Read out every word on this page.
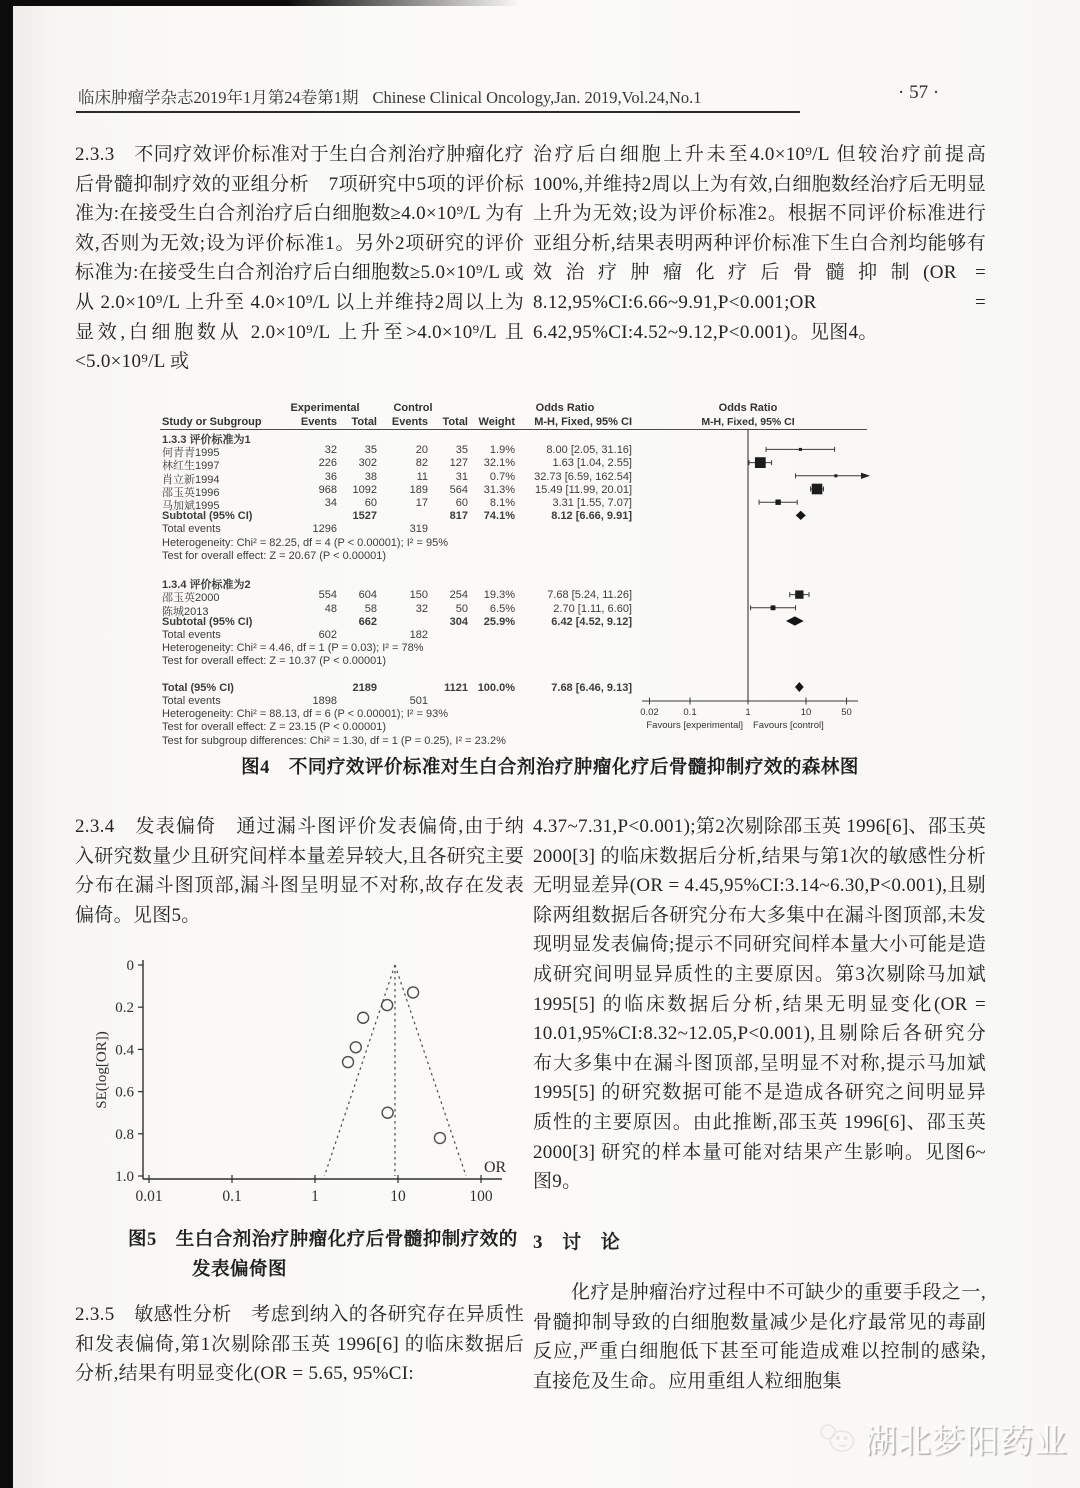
临床肿瘤学杂志2019年1月第24卷第1期 Chinese Clinical Oncology,Jan. 2019,Vol.24,No.1	· 57 ·
2.3.3　不同疗效评价标准对于生白合剂治疗肿瘤化疗后骨髓抑制疗效的亚组分析　7项研究中5项的评价标准为:在接受生白合剂治疗后白细胞数≥4.0×10⁹/L 为有效,否则为无效;设为评价标准1。另外2项研究的评价标准为:在接受生白合剂治疗后白细胞数≥5.0×10⁹/L 或从 2.0×10⁹/L 上升至 4.0×10⁹/L 以上并维持2周以上为显效,白细胞数从 2.0×10⁹/L 上升至>4.0×10⁹/L 且<5.0×10⁹/L 或
治疗后白细胞上升未至4.0×10⁹/L 但较治疗前提高100%,并维持2周以上为有效,白细胞数经治疗后无明显上升为无效;设为评价标准2。根据不同评价标准进行亚组分析,结果表明两种评价标准下生白合剂均能够有效治疗肿瘤化疗后骨髓抑制(OR = 8.12,95%CI:6.66~9.91,P<0.001;OR = 6.42,95%CI:4.52~9.12,P<0.001)。见图4。
Experimental	Control	Odds Ratio
Study or Subgroup	Events	Total	Events	Total Weight	M-H, Fixed, 95% CI
1.3.3 评价标准为1
何青青1995	32	35	20	35	1.9%	8.00 [2.05, 31.16]
林红生1997	226	302	82	127	32.1%	1.63 [1.04, 2.55]
肖立新1994	36	38	11	31	0.7%	32.73 [6.59, 162.54]
邵玉英1996	968	1092	189	564	31.3%	15.49 [11.99, 20.01]
马加斌1995	34	60	17	60	8.1%	3.31 [1.55, 7.07]
Subtotal (95% CI)	1527	817	74.1%	8.12 [6.66, 9.91]
Total events	1296	319
Heterogeneity: Chi² = 82.25, df = 4 (P < 0.00001); I² = 95%
Test for overall effect: Z = 20.67 (P < 0.00001)
1.3.4 评价标准为2
邵玉英2000	554	604	150	254	19.3%	7.68 [5.24, 11.26]
陈城2013	48	58	32	50	6.5%	2.70 [1.11, 6.60]
Subtotal (95% CI)	662	304	25.9%	6.42 [4.52, 9.12]
Total events	602	182
Heterogeneity: Chi² = 4.46, df = 1 (P = 0.03); I² = 78%
Test for overall effect: Z = 10.37 (P < 0.00001)
Total (95% CI)	2189	1121 100.0%	7.68 [6.46, 9.13]
Total events	1898	501
Heterogeneity: Chi² = 88.13, df = 6 (P < 0.00001); I² = 93%
Test for overall effect: Z = 23.15 (P < 0.00001)
Test for subgroup differences: Chi² = 1.30, df = 1 (P = 0.25), I² = 23.2%
Odds Ratio
M-H, Fixed, 95% CI
0.02	0.1	1	10	50
Favours [experimental] Favours [control]
图4　不同疗效评价标准对生白合剂治疗肿瘤化疗后骨髓抑制疗效的森林图
2.3.4　发表偏倚　通过漏斗图评价发表偏倚,由于纳入研究数量少且研究间样本量差异较大,且各研究主要分布在漏斗图顶部,漏斗图呈明显不对称,故存在发表偏倚。见图5。
0
0.2
0.4
0.6
0.8
1.0
0.01	0.1	1	10	100
SE(log[OR])
OR
图5　生白合剂治疗肿瘤化疗后骨髓抑制疗效的
发表偏倚图
2.3.5　敏感性分析　考虑到纳入的各研究存在异质性和发表偏倚,第1次剔除邵玉英 1996[6] 的临床数据后分析,结果有明显变化(OR = 5.65, 95%CI:
4.37~7.31,P<0.001);第2次剔除邵玉英 1996[6]、邵玉英 2000[3] 的临床数据后分析,结果与第1次的敏感性分析无明显差异(OR = 4.45,95%CI:3.14~6.30,P<0.001),且剔除两组数据后各研究分布大多集中在漏斗图顶部,未发现明显发表偏倚;提示不同研究间样本量大小可能是造成研究间明显异质性的主要原因。第3次剔除马加斌 1995[5] 的临床数据后分析,结果无明显变化(OR = 10.01,95%CI:8.32~12.05,P<0.001),且剔除后各研究分布大多集中在漏斗图顶部,呈明显不对称,提示马加斌1995[5] 的研究数据可能不是造成各研究之间明显异质性的主要原因。由此推断,邵玉英 1996[6]、邵玉英 2000[3] 研究的样本量可能对结果产生影响。见图6~图9。
3　讨　论
化疗是肿瘤治疗过程中不可缺少的重要手段之一,骨髓抑制导致的白细胞数量减少是化疗最常见的毒副反应,严重白细胞低下甚至可能造成难以控制的感染,直接危及生命。应用重组人粒细胞集
湖北梦阳药业
